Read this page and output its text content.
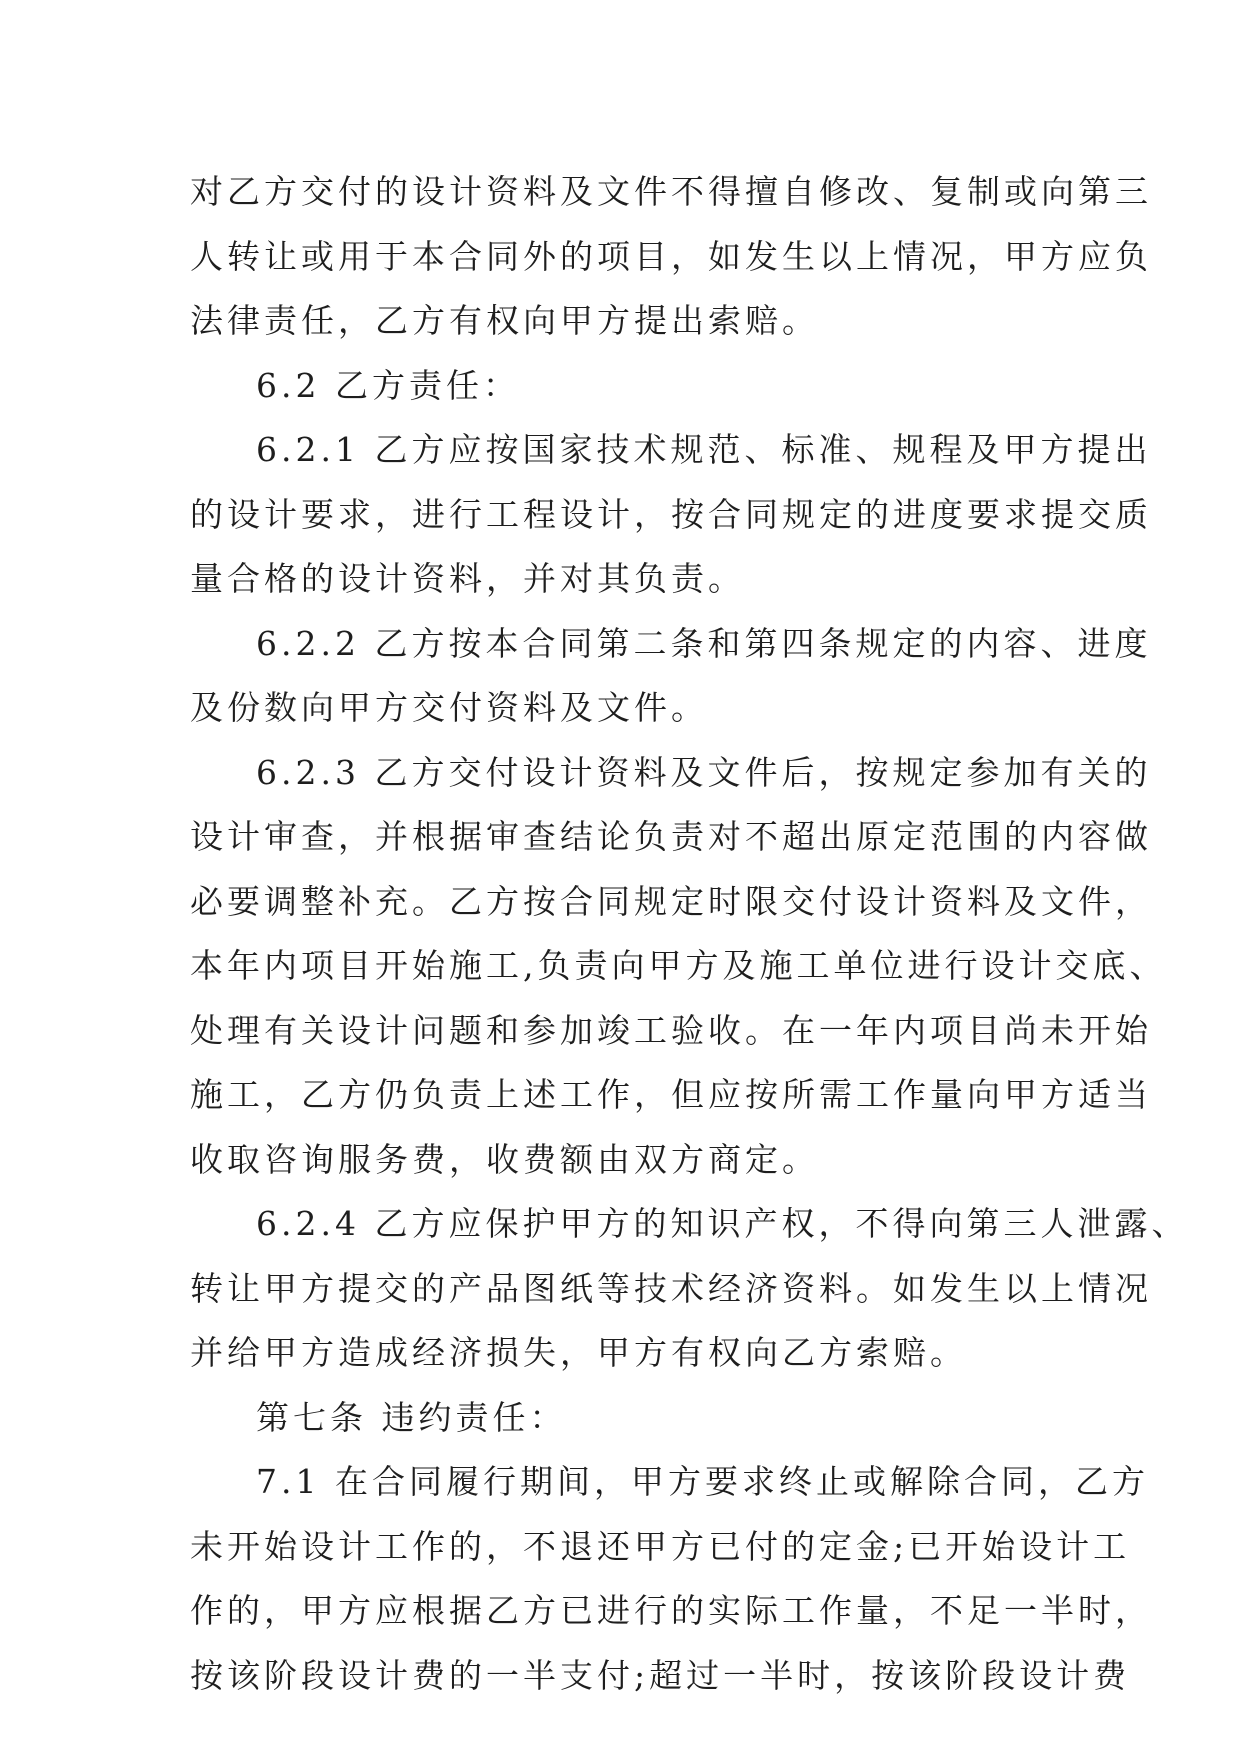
对乙方交付的设计资料及文件不得擅自修改、复制或向第三
人转让或用于本合同外的项目，如发生以上情况，甲方应负
法律责任，乙方有权向甲方提出索赔。
6.2 乙方责任：
6.2.1 乙方应按国家技术规范、标准、规程及甲方提出
的设计要求，进行工程设计，按合同规定的进度要求提交质
量合格的设计资料，并对其负责。
6.2.2 乙方按本合同第二条和第四条规定的内容、进度
及份数向甲方交付资料及文件。
6.2.3 乙方交付设计资料及文件后，按规定参加有关的
设计审查，并根据审查结论负责对不超出原定范围的内容做
必要调整补充。乙方按合同规定时限交付设计资料及文件，
本年内项目开始施工,负责向甲方及施工单位进行设计交底、
处理有关设计问题和参加竣工验收。在一年内项目尚未开始
施工，乙方仍负责上述工作，但应按所需工作量向甲方适当
收取咨询服务费，收费额由双方商定。
6.2.4 乙方应保护甲方的知识产权，不得向第三人泄露、
转让甲方提交的产品图纸等技术经济资料。如发生以上情况
并给甲方造成经济损失，甲方有权向乙方索赔。
第七条 违约责任：
7.1 在合同履行期间，甲方要求终止或解除合同，乙方
未开始设计工作的，不退还甲方已付的定金;已开始设计工
作的，甲方应根据乙方已进行的实际工作量，不足一半时，
按该阶段设计费的一半支付;超过一半时，按该阶段设计费
